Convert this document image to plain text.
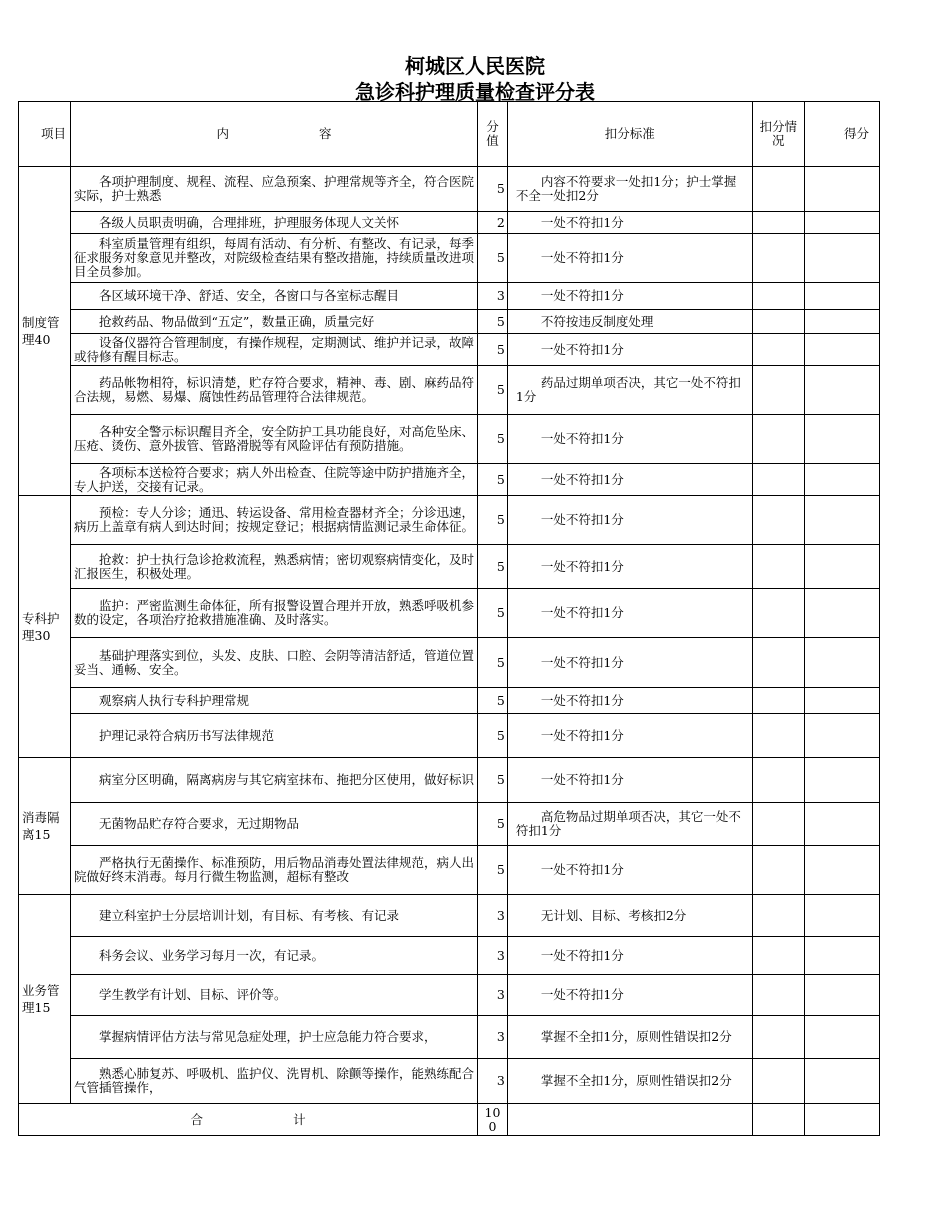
柯城区人民医院
急诊科护理质量检查评分表
项目	内 容	分值	扣分标准	扣分情况	得分
制度管理40	各项护理制度、规程、流程、应急预案、护理常规等齐全，符合医院实际，护士熟悉	5	内容不符要求一处扣1分；护士掌握不全一处扣2分		

	各级人员职责明确，合理排班，护理服务体现人文关怀	2	一处不符扣1分		

	科室质量管理有组织，每周有活动、有分析、有整改、有记录，每季征求服务对象意见并整改，对院级检查结果有整改措施，持续质量改进项目全员参加。	5	一处不符扣1分		

	各区域环境干净、舒适、安全，各窗口与各室标志醒目	3	一处不符扣1分		

	抢救药品、物品做到“五定”，数量正确，质量完好	5	不符按违反制度处理		

	设备仪器符合管理制度，有操作规程，定期测试、维护并记录，故障或待修有醒目标志。	5	一处不符扣1分		

	药品帐物相符，标识清楚，贮存符合要求，精神、毒、剧、麻药品符合法规，易燃、易爆、腐蚀性药品管理符合法律规范。	5	药品过期单项否决，其它一处不符扣1分		

	各种安全警示标识醒目齐全，安全防护工具功能良好，对高危坠床、压疮、烫伤、意外拔管、管路滑脱等有风险评估有预防措施。	5	一处不符扣1分		

	各项标本送检符合要求；病人外出检查、住院等途中防护措施齐全，专人护送，交接有记录。	5	一处不符扣1分		

专科护理30	预检：专人分诊；通迅、转运设备、常用检查器材齐全；分诊迅速，病历上盖章有病人到达时间；按规定登记；根据病情监测记录生命体征。	5	一处不符扣1分		

	抢救：护士执行急诊抢救流程，熟悉病情；密切观察病情变化，及时汇报医生，积极处理。	5	一处不符扣1分		

	监护：严密监测生命体征，所有报警设置合理并开放，熟悉呼吸机参数的设定，各项治疗抢救措施准确、及时落实。	5	一处不符扣1分		

	基础护理落实到位，头发、皮肤、口腔、会阴等清洁舒适，管道位置妥当、通畅、安全。	5	一处不符扣1分		

	观察病人执行专科护理常规	5	一处不符扣1分		

	护理记录符合病历书写法律规范	5	一处不符扣1分		

消毒隔离15	病室分区明确，隔离病房与其它病室抹布、拖把分区使用，做好标识	5	一处不符扣1分		

	无菌物品贮存符合要求，无过期物品	5	高危物品过期单项否决，其它一处不符扣1分		

	严格执行无菌操作、标准预防，用后物品消毒处置法律规范，病人出院做好终末消毒。每月行微生物监测，超标有整改	5	一处不符扣1分		

业务管理15	建立科室护士分层培训计划，有目标、有考核、有记录	3	无计划、目标、考核扣2分		

	科务会议、业务学习每月一次，有记录。	3	一处不符扣1分		

	学生教学有计划、目标、评价等。	3	一处不符扣1分		

	掌握病情评估方法与常见急症处理，护士应急能力符合要求，	3	掌握不全扣1分，原则性错误扣2分		

	熟悉心肺复苏、呼吸机、监护仪、洗胃机、除颤等操作，能熟练配合气管插管操作，	3	掌握不全扣1分，原则性错误扣2分		

合 计		100			
